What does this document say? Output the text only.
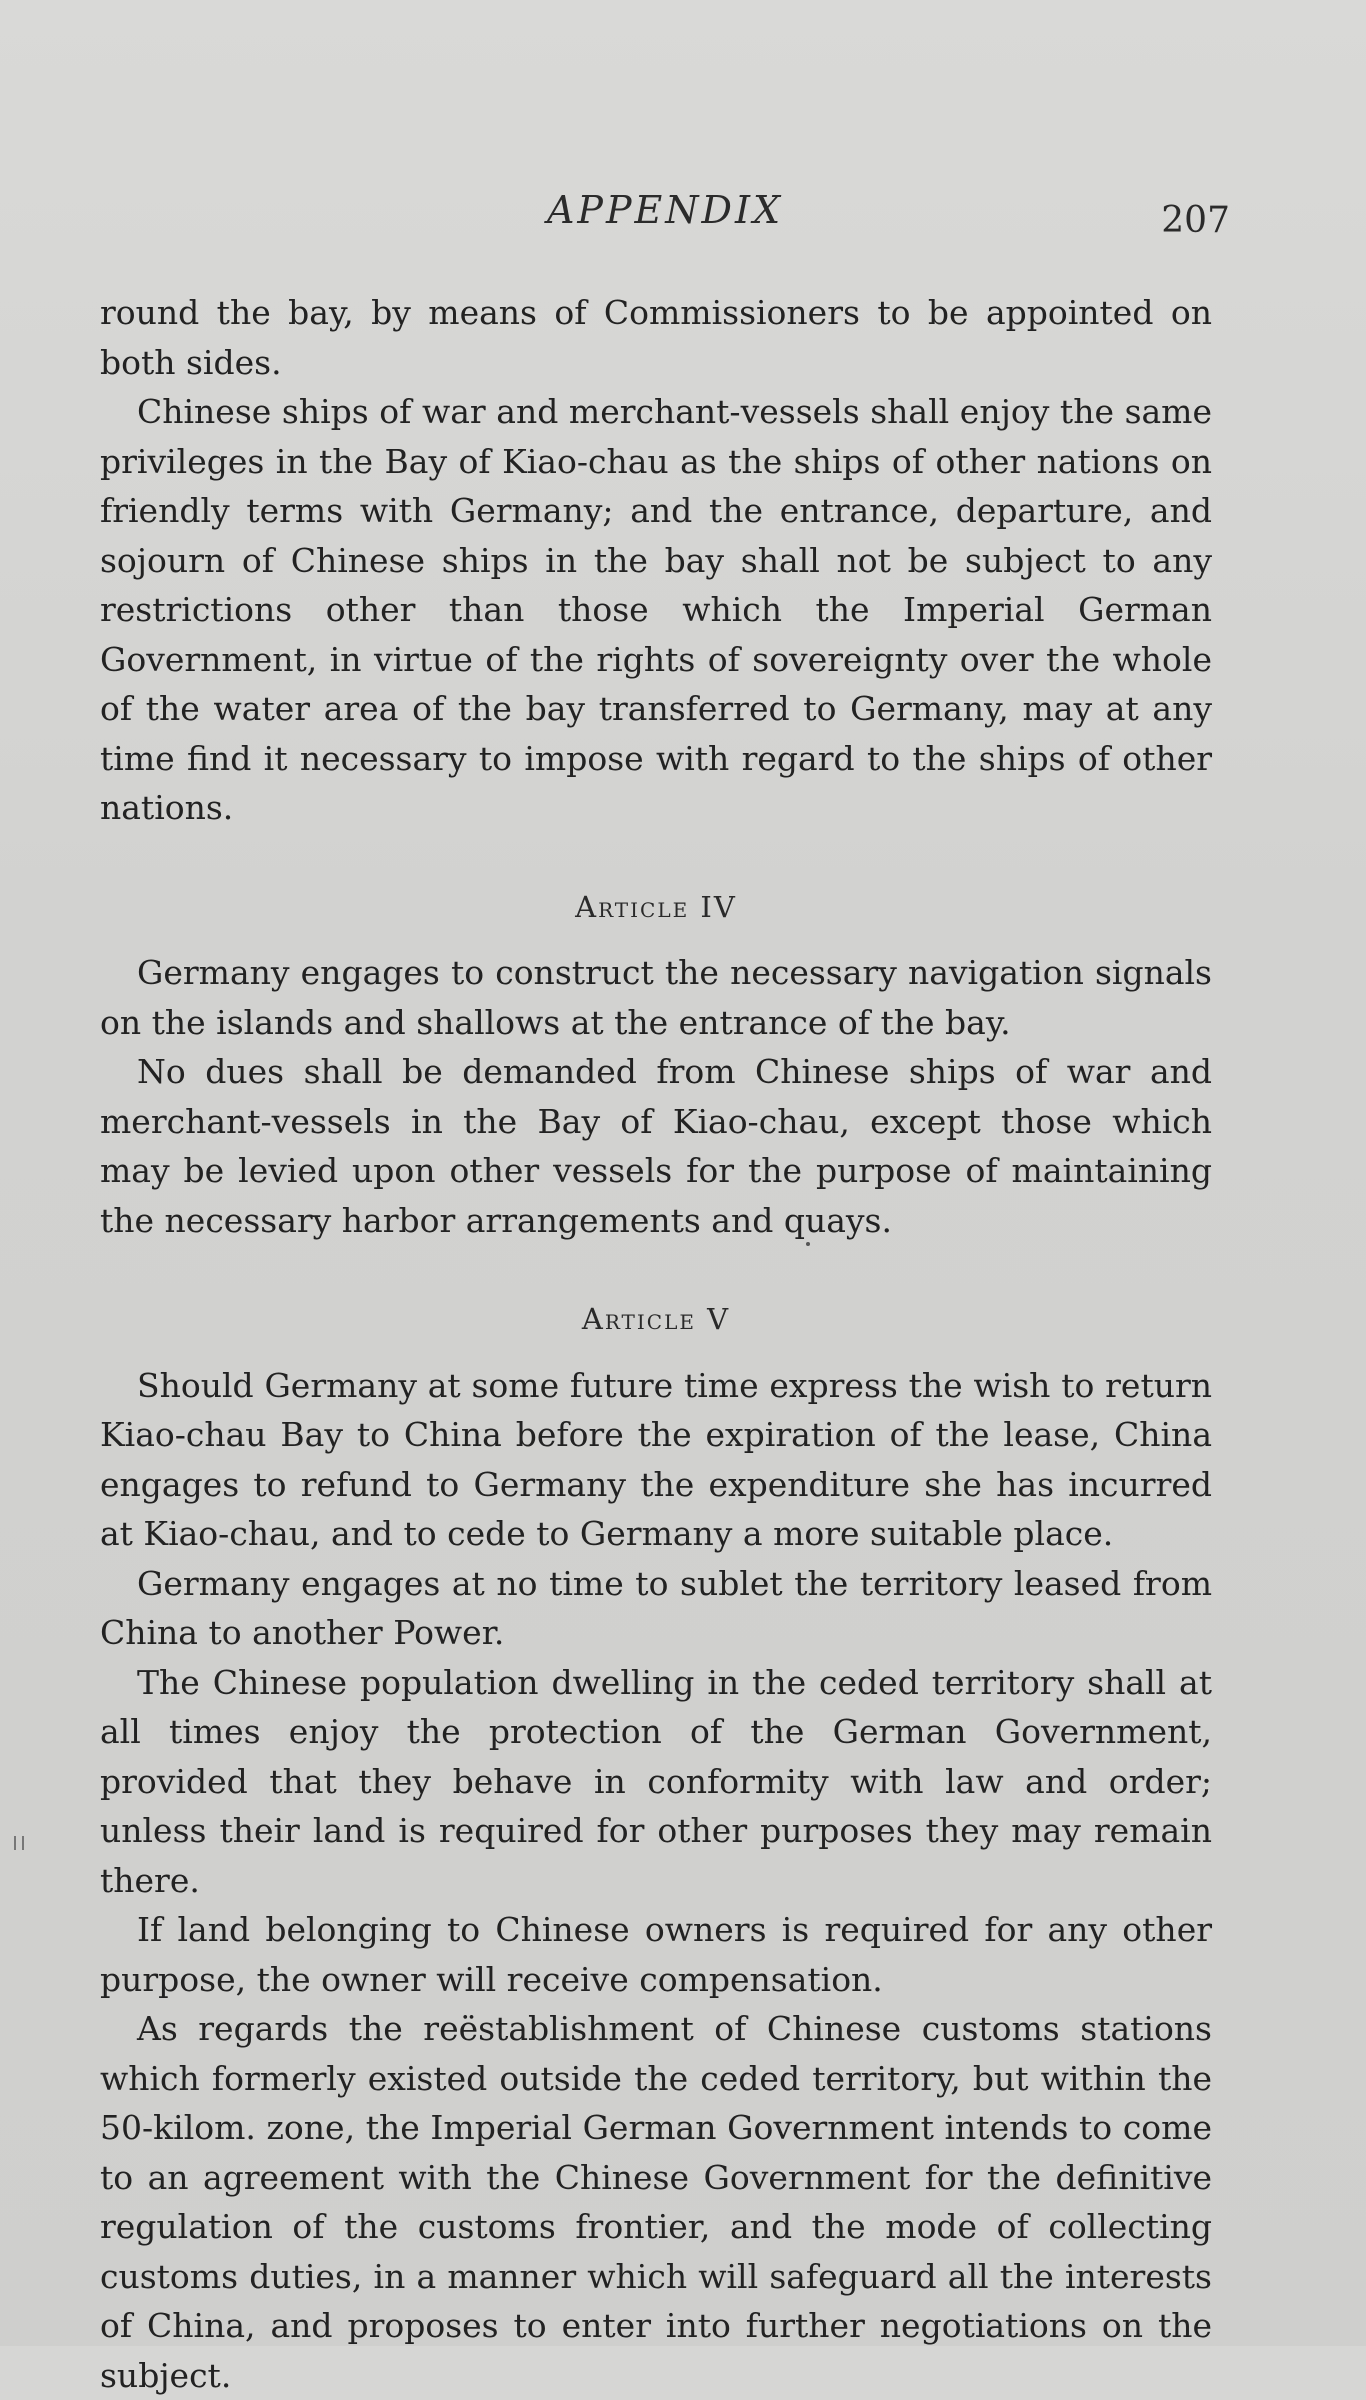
APPENDIX	207

round the bay, by means of Commissioners to be appointed on both sides.

Chinese ships of war and merchant-vessels shall enjoy the same privileges in the Bay of Kiao-chau as the ships of other nations on friendly terms with Germany; and the entrance, departure, and sojourn of Chinese ships in the bay shall not be subject to any restrictions other than those which the Imperial German Government, in virtue of the rights of sovereignty over the whole of the water area of the bay transferred to Germany, may at any time find it necessary to impose with regard to the ships of other nations.

Article IV

Germany engages to construct the necessary navigation signals on the islands and shallows at the entrance of the bay.

No dues shall be demanded from Chinese ships of war and merchant-vessels in the Bay of Kiao-chau, except those which may be levied upon other vessels for the purpose of maintaining the necessary harbor arrangements and quays.

Article V

Should Germany at some future time express the wish to return Kiao-chau Bay to China before the expiration of the lease, China engages to refund to Germany the expenditure she has incurred at Kiao-chau, and to cede to Germany a more suitable place.

Germany engages at no time to sublet the territory leased from China to another Power.

The Chinese population dwelling in the ceded territory shall at all times enjoy the protection of the German Government, provided that they behave in conformity with law and order; unless their land is required for other purposes they may remain there.

If land belonging to Chinese owners is required for any other purpose, the owner will receive compensation.

As regards the reëstablishment of Chinese customs stations which formerly existed outside the ceded territory, but within the 50-kilom. zone, the Imperial German Government intends to come to an agreement with the Chinese Government for the definitive regulation of the customs frontier, and the mode of collecting customs duties, in a manner which will safeguard all the interests of China, and proposes to enter into further negotiations on the subject.
